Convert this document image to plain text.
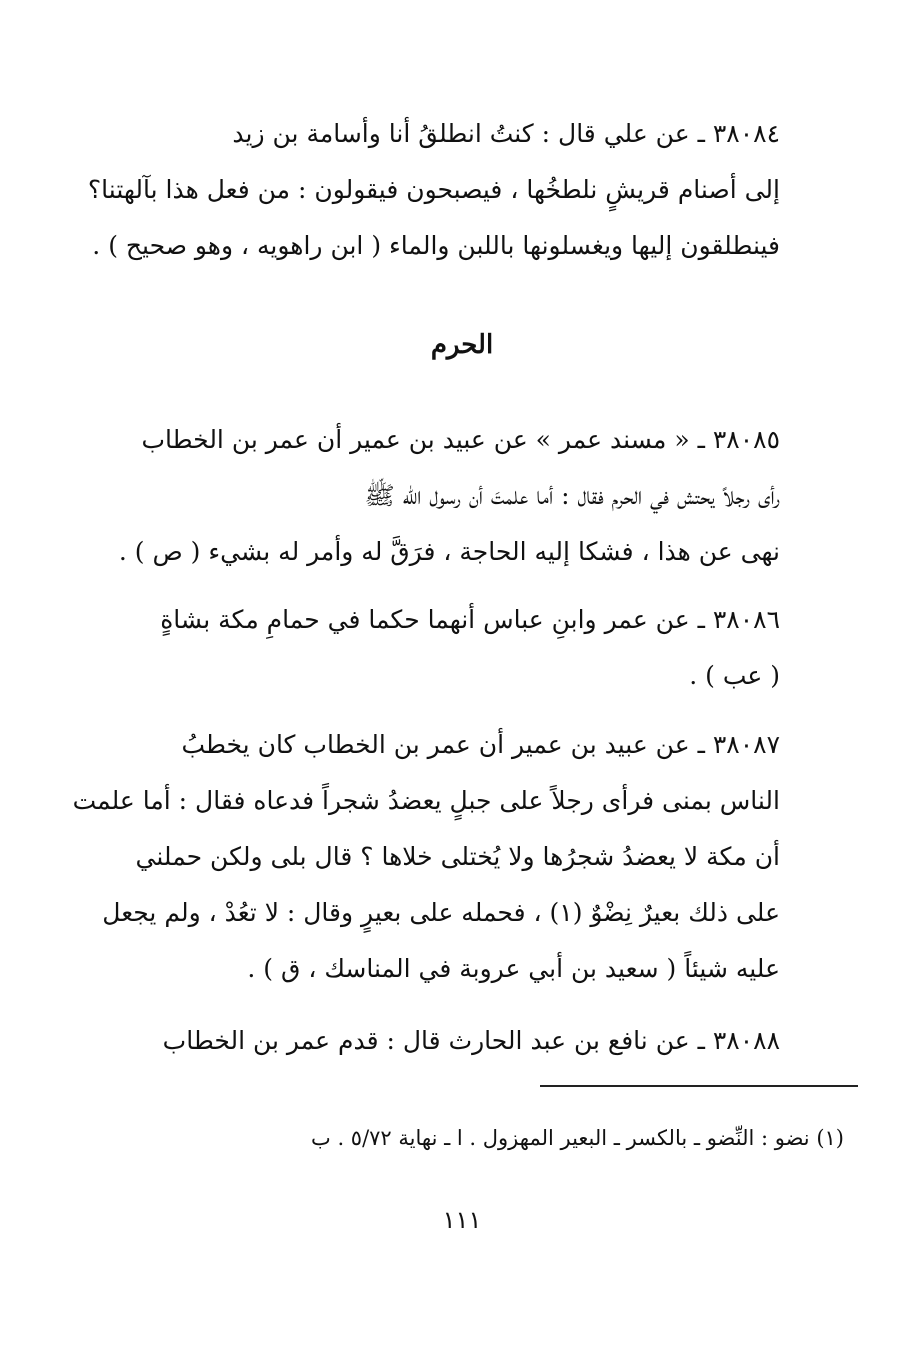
٣٨٠٨٤ ـ عن علي قال : كنتُ انطلقُ أنا وأسامة بن زيد
إلى أصنام قريشٍ نلطخُها ، فيصبحون فيقولون : من فعل هذا بآلهتنا؟
فينطلقون إليها ويغسلونها باللبن والماء ( ابن راهويه ، وهو صحيح ) .
الحرم
٣٨٠٨٥ ـ « مسند عمر » عن عبيد بن عمير أن عمر بن الخطاب
رأى رجلاً يحتش في الحرم فقال : أما علمتَ أن رسول الله ﷺ
نهى عن هذا ، فشكا إليه الحاجة ، فرَقَّ له وأمر له بشيء ( ص ) .
٣٨٠٨٦ ـ عن عمر وابنِ عباس أنهما حكما في حمامِ مكة بشاةٍ
( عب ) .
٣٨٠٨٧ ـ عن عبيد بن عمير أن عمر بن الخطاب كان يخطبُ
الناس بمنى فرأى رجلاً على جبلٍ يعضدُ شجراً فدعاه فقال : أما علمت
أن مكة لا يعضدُ شجرُها ولا يُختلى خلاها ؟ قال بلى ولكن حملني
على ذلك بعيرٌ نِضْوٌ (١) ، فحمله على بعيرٍ وقال : لا تعُدْ ، ولم يجعل
عليه شيئاً ( سعيد بن أبي عروبة في المناسك ، ق ) .
٣٨٠٨٨ ـ عن نافع بن عبد الحارث قال : قدم عمر بن الخطاب
(١) نضو : النِّضو ـ بالكسر ـ البعير المهزول . ا ـ نهاية ٥/٧٢ . ب
١١١
